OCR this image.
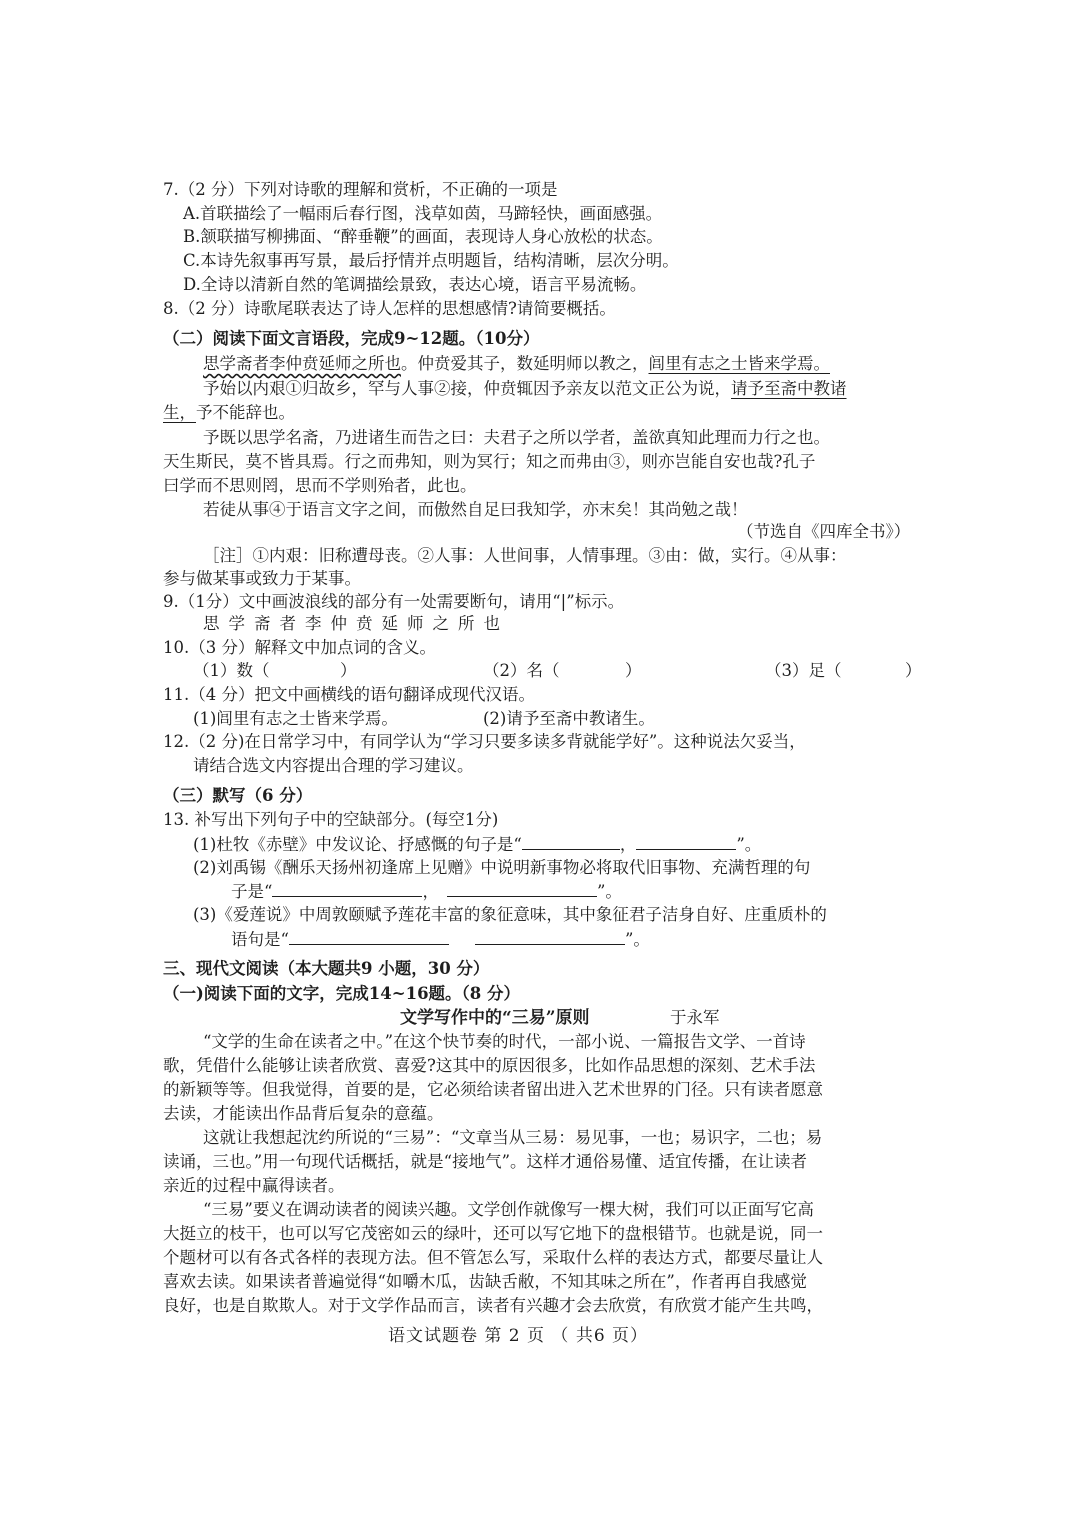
7.（2 分）下列对诗歌的理解和赏析，不正确的一项是
A.首联描绘了一幅雨后春行图，浅草如茵，马蹄轻快，画面感强。
B.颔联描写柳拂面、“醉垂鞭”的画面，表现诗人身心放松的状态。
C.本诗先叙事再写景，最后抒情并点明题旨，结构清晰，层次分明。
D.全诗以清新自然的笔调描绘景致，表达心境，语言平易流畅。
8.（2 分）诗歌尾联表达了诗人怎样的思想感情?请简要概括。
（二）阅读下面文言语段，完成9~12题。（10分）
思学斋者李仲贲延师之所也。仲贲爱其子，数延明师以教之，闾里有志之士皆来学焉。
予始以内艰①归故乡，罕与人事②接，仲贲辄因予亲友以范文正公为说，请予至斋中教诸
生，予不能辞也。
予既以思学名斋，乃进诸生而告之曰：夫君子之所以学者，盖欲真知此理而力行之也。
天生斯民，莫不皆具焉。行之而弗知，则为冥行；知之而弗由③，则亦岂能自安也哉?孔子
曰学而不思则罔，思而不学则殆者，此也。
若徒从事④于语言文字之间，而傲然自足曰我知学，亦末矣！其尚勉之哉！
（节选自《四库全书》）
［注］①内艰：旧称遭母丧。②人事：人世间事，人情事理。③由：做，实行。④从事：
参与做某事或致力于某事。
9.（1分）文中画波浪线的部分有一处需要断句，请用“|”标示。
思学斋者李仲贲延师之所也
10.（3 分）解释文中加点词的含义。
（1）数（	）	（2）名（	）	（3）足（	）
11.（4 分）把文中画横线的语句翻译成现代汉语。
(1)闾里有志之士皆来学焉。	(2)请予至斋中教诸生。
12.（2 分)在日常学习中，有同学认为“学习只要多读多背就能学好”。这种说法欠妥当，
请结合选文内容提出合理的学习建议。
（三）默写（6 分）
13. 补写出下列句子中的空缺部分。(每空1分)
(1)杜牧《赤壁》中发议论、抒感慨的句子是“	，	”。
(2)刘禹锡《酬乐天扬州初逢席上见赠》中说明新事物必将取代旧事物、充满哲理的句
子是“	，	”。
(3)《爱莲说》中周敦颐赋予莲花丰富的象征意味，其中象征君子洁身自好、庄重质朴的
语句是“	”。
三、现代文阅读（本大题共9 小题，30 分）
（一)阅读下面的文字，完成14~16题。（8 分）
文学写作中的“三易”原则	于永军
“文学的生命在读者之中。”在这个快节奏的时代，一部小说、一篇报告文学、一首诗
歌，凭借什么能够让读者欣赏、喜爱?这其中的原因很多，比如作品思想的深刻、艺术手法
的新颖等等。但我觉得，首要的是，它必须给读者留出进入艺术世界的门径。只有读者愿意
去读，才能读出作品背后复杂的意蕴。
这就让我想起沈约所说的“三易”：“文章当从三易：易见事，一也；易识字，二也；易
读诵，三也。”用一句现代话概括，就是“接地气”。这样才通俗易懂、适宜传播，在让读者
亲近的过程中赢得读者。
“三易”要义在调动读者的阅读兴趣。文学创作就像写一棵大树，我们可以正面写它高
大挺立的枝干，也可以写它茂密如云的绿叶，还可以写它地下的盘根错节。也就是说，同一
个题材可以有各式各样的表现方法。但不管怎么写，采取什么样的表达方式，都要尽量让人
喜欢去读。如果读者普遍觉得“如嚼木瓜，齿缺舌敝，不知其味之所在”，作者再自我感觉
良好，也是自欺欺人。对于文学作品而言，读者有兴趣才会去欣赏，有欣赏才能产生共鸣，
语文试题卷 第 2 页 （ 共6 页）
